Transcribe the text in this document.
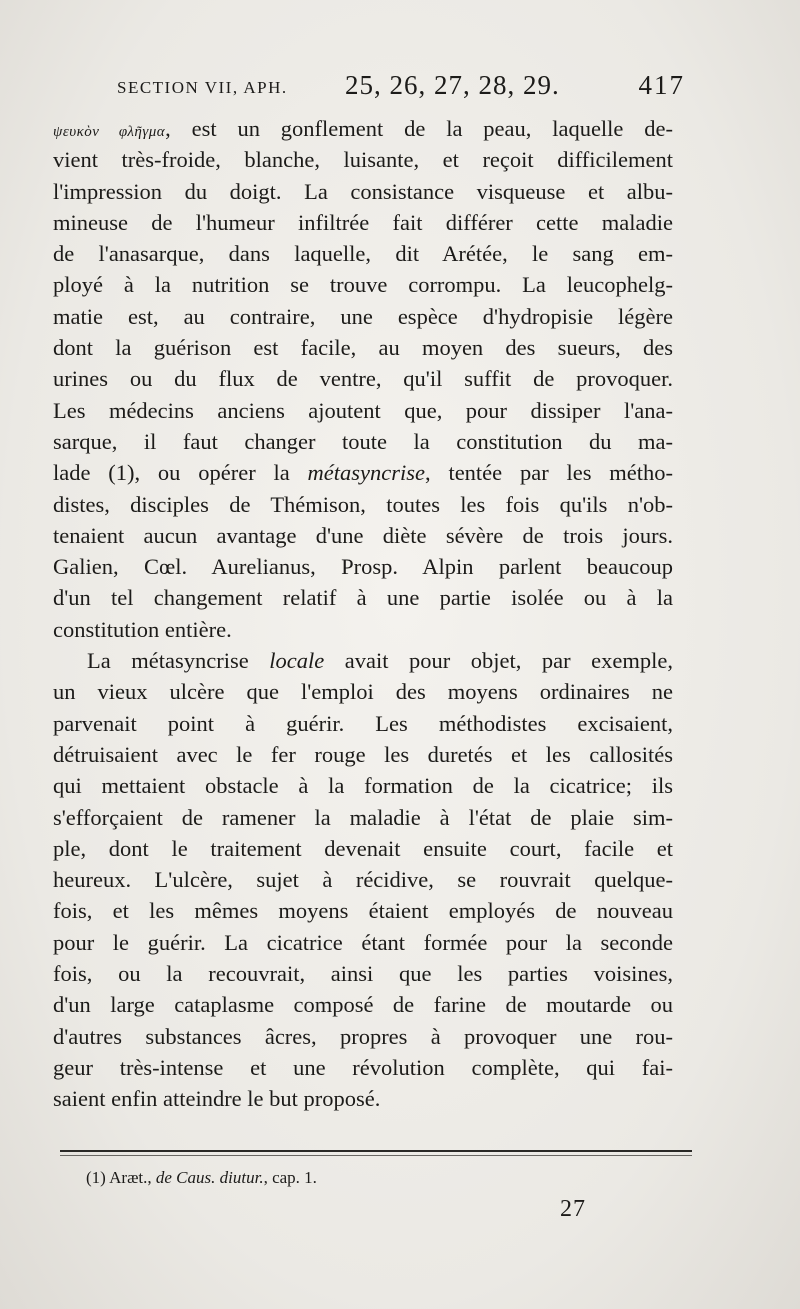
SECTION VII, APH. 25, 26, 27, 28, 29.	417
ψευκὸν φλῆγμα, est un gonflement de la peau, laquelle de-
vient très-froide, blanche, luisante, et reçoit difficilement
l'impression du doigt. La consistance visqueuse et albu-
mineuse de l'humeur infiltrée fait différer cette maladie
de l'anasarque, dans laquelle, dit Arétée, le sang em-
ployé à la nutrition se trouve corrompu. La leucophelg-
matie est, au contraire, une espèce d'hydropisie légère
dont la guérison est facile, au moyen des sueurs, des
urines ou du flux de ventre, qu'il suffit de provoquer.
Les médecins anciens ajoutent que, pour dissiper l'ana-
sarque, il faut changer toute la constitution du ma-
lade (1), ou opérer la métasyncrise, tentée par les métho-
distes, disciples de Thémison, toutes les fois qu'ils n'ob-
tenaient aucun avantage d'une diète sévère de trois jours.
Galien, Cœl. Aurelianus, Prosp. Alpin parlent beaucoup
d'un tel changement relatif à une partie isolée ou à la
constitution entière.
La métasyncrise locale avait pour objet, par exemple,
un vieux ulcère que l'emploi des moyens ordinaires ne
parvenait point à guérir. Les méthodistes excisaient,
détruisaient avec le fer rouge les duretés et les callosités
qui mettaient obstacle à la formation de la cicatrice; ils
s'efforçaient de ramener la maladie à l'état de plaie sim-
ple, dont le traitement devenait ensuite court, facile et
heureux. L'ulcère, sujet à récidive, se rouvrait quelque-
fois, et les mêmes moyens étaient employés de nouveau
pour le guérir. La cicatrice étant formée pour la seconde
fois, ou la recouvrait, ainsi que les parties voisines,
d'un large cataplasme composé de farine de moutarde ou
d'autres substances âcres, propres à provoquer une rou-
geur très-intense et une révolution complète, qui fai-
saient enfin atteindre le but proposé.
(1) Aræt., de Caus. diutur., cap. 1.
27
